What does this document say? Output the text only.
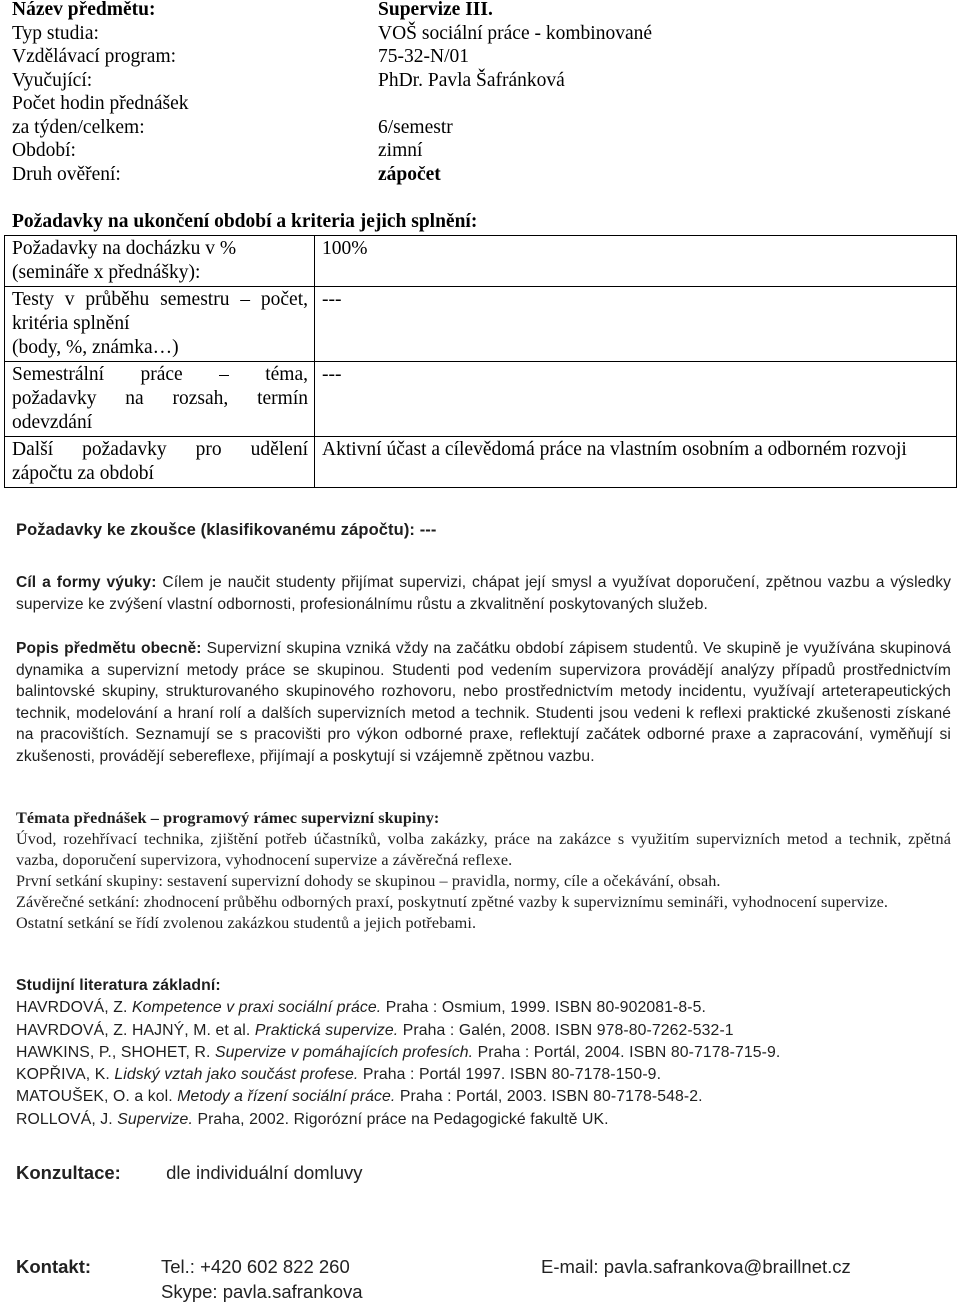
Název předmětu:	Supervize III.
Typ studia:	VOŠ sociální práce - kombinované
Vzdělávací program:	75-32-N/01
Vyučující:	PhDr. Pavla Šafránková
Počet hodin přednášek
za týden/celkem:	6/semestr
Období:	zimní
Druh ověření:	zápočet
Požadavky na ukončení období a kriteria jejich splnění:
Požadavky na docházku v %
(semináře x přednášky):	100%

Testy v průběhu semestru – počet,
kritéria splnění
(body, %, známka…)	---

Semestrální práce – téma,
požadavky na rozsah, termín
odevzdání	---

Další požadavky pro udělení
zápočtu za období	Aktivní účast a cílevědomá práce na vlastním osobním a odborném rozvoji
Požadavky ke zkoušce (klasifikovanému zápočtu): ---
Cíl a formy výuky: Cílem je naučit studenty přijímat supervizi, chápat její smysl a využívat doporučení, zpětnou vazbu a výsledky supervize ke zvýšení vlastní odbornosti, profesionálnímu růstu a zkvalitnění poskytovaných služeb.
Popis předmětu obecně: Supervizní skupina vzniká vždy na začátku období zápisem studentů. Ve skupině je využívána skupinová dynamika a supervizní metody práce se skupinou. Studenti pod vedením supervizora provádějí analýzy případů prostřednictvím balintovské skupiny, strukturovaného skupinového rozhovoru, nebo prostřednictvím metody incidentu, využívají arteterapeutických technik, modelování a hraní rolí a dalších supervizních metod a technik. Studenti jsou vedeni k reflexi praktické zkušenosti získané na pracovištích. Seznamují se s pracovišti pro výkon odborné praxe, reflektují začátek odborné praxe a zapracování, vyměňují si zkušenosti, provádějí sebereflexe, přijímají a poskytují si vzájemně zpětnou vazbu.
Témata přednášek – programový rámec supervizní skupiny:
Úvod, rozehřívací technika, zjištění potřeb účastníků, volba zakázky, práce na zakázce s využitím supervizních metod a technik, zpětná vazba, doporučení supervizora, vyhodnocení supervize a závěrečná reflexe.
První setkání skupiny: sestavení supervizní dohody se skupinou – pravidla, normy, cíle a očekávání, obsah.
Závěrečné setkání: zhodnocení průběhu odborných praxí, poskytnutí zpětné vazby k superviznímu semináři, vyhodnocení supervize.
Ostatní setkání se řídí zvolenou zakázkou studentů a jejich potřebami.
Studijní literatura základní:
HAVRDOVÁ, Z. Kompetence v praxi sociální práce. Praha : Osmium, 1999. ISBN 80-902081-8-5.
HAVRDOVÁ, Z. HAJNÝ, M. et al. Praktická supervize. Praha : Galén, 2008. ISBN 978-80-7262-532-1
HAWKINS, P., SHOHET, R. Supervize v pomáhajících profesích. Praha : Portál, 2004. ISBN 80-7178-715-9.
KOPŘIVA, K. Lidský vztah jako součást profese. Praha : Portál 1997. ISBN 80-7178-150-9.
MATOUŠEK, O. a kol. Metody a řízení sociální práce. Praha : Portál, 2003. ISBN 80-7178-548-2.
ROLLOVÁ, J. Supervize. Praha, 2002. Rigorózní práce na Pedagogické fakultě UK.
Konzultace: dle individuální domluvy
Kontakt:	Tel.: +420 602 822 260	E-mail: pavla.safrankova@braillnet.cz
Skype: pavla.safrankova
